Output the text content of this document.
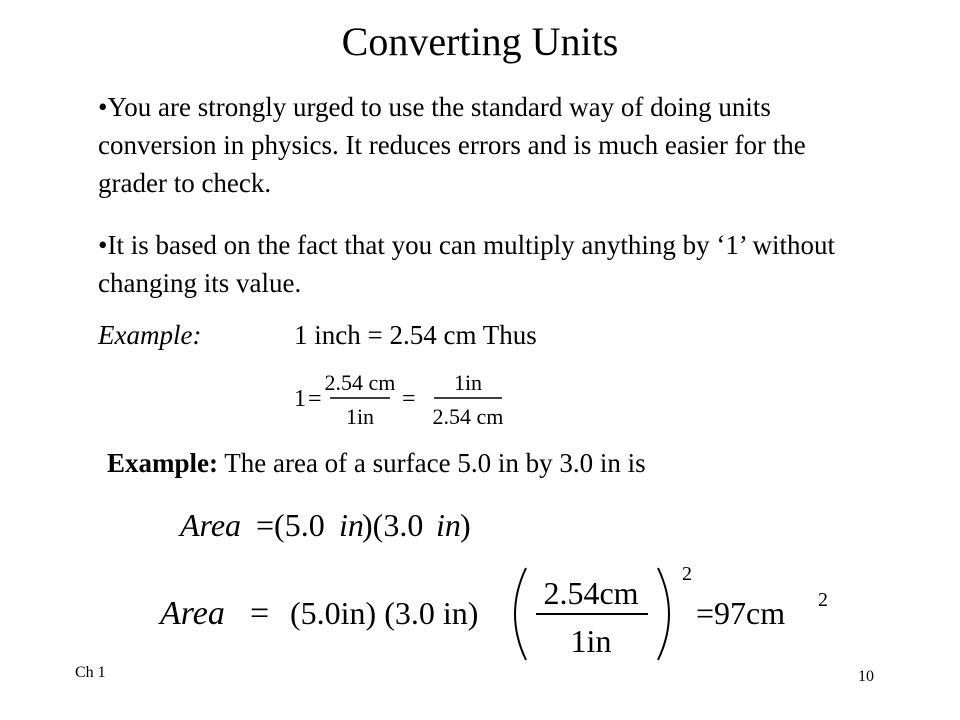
Converting Units
•You are strongly urged to use the standard way of doing units conversion in physics. It reduces errors and is much easier for the grader to check.
•It is based on the fact that you can multiply anything by ‘1’ without changing its value.
Example:	1 inch = 2.54 cm Thus
1 =
2.54 cm
1in
=
1in
2.54 cm
Example: The area of a surface 5.0 in by 3.0 in is
Area =(5.0 in
)(3.0 in )
Area = (5.0in) (3.0 in)
2.54cm
1in
2
=97cm 2
Ch 1	10
